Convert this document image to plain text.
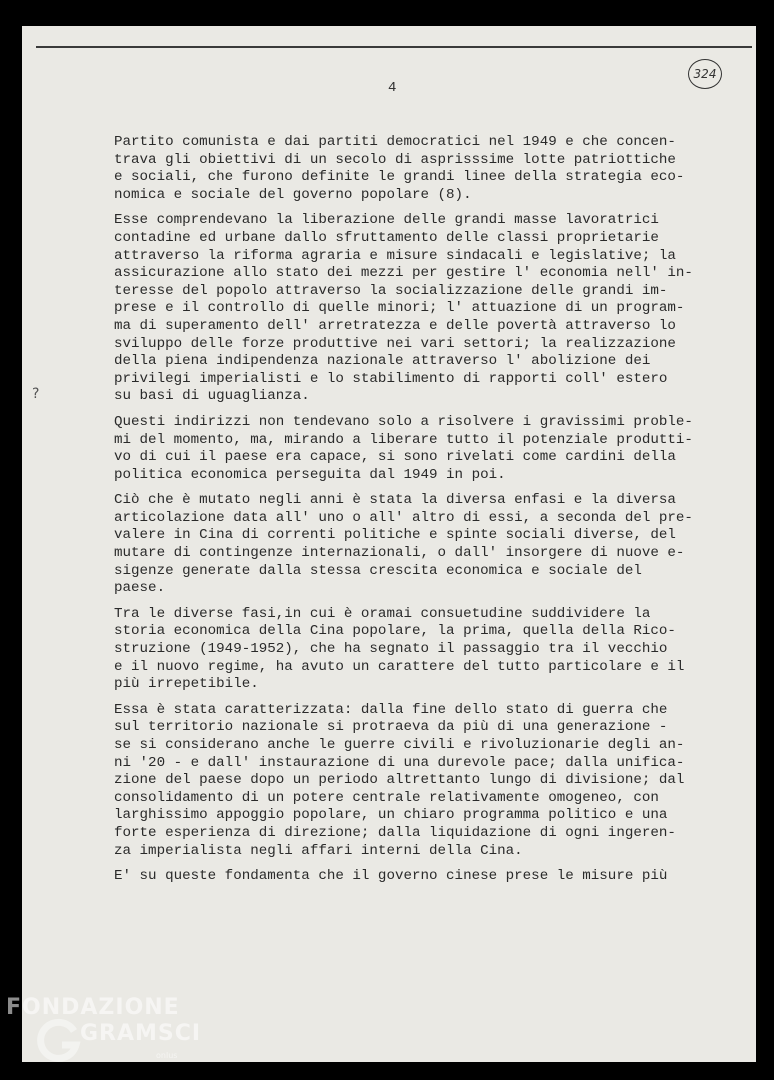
4
324
?
Partito comunista e dai partiti democratici nel 1949 e che concen-
trava gli obiettivi di un secolo di asprisssime lotte patriottiche
e sociali, che furono definite le grandi linee della strategia eco-
nomica e sociale del governo popolare (8).
Esse comprendevano la liberazione delle grandi masse lavoratrici
contadine ed urbane dallo sfruttamento delle classi proprietarie
attraverso la riforma agraria e misure sindacali e legislative; la
assicurazione allo stato dei mezzi per gestire l' economia nell' in-
teresse del popolo attraverso la socializzazione delle grandi im-
prese e il controllo di quelle minori; l' attuazione di un program-
ma di superamento dell' arretratezza e delle povertà attraverso lo
sviluppo delle forze produttive nei vari settori; la realizzazione
della piena indipendenza nazionale attraverso l' abolizione dei
privilegi imperialisti e lo stabilimento di rapporti coll' estero
su basi di uguaglianza.
Questi indirizzi non tendevano solo a risolvere i gravissimi proble-
mi del momento, ma, mirando a liberare tutto il potenziale produtti-
vo di cui il paese era capace, si sono rivelati come cardini della
politica economica perseguita dal 1949 in poi.
Ciò che è mutato negli anni è stata la diversa enfasi e la diversa
articolazione data all' uno o all' altro di essi, a seconda del pre-
valere in Cina di correnti politiche e spinte sociali diverse, del
mutare di contingenze internazionali, o dall' insorgere di nuove e-
sigenze generate dalla stessa crescita economica e sociale del
paese.
Tra le diverse fasi,in cui è oramai consuetudine suddividere la
storia economica della Cina popolare, la prima, quella della Rico-
struzione (1949-1952), che ha segnato il passaggio tra il vecchio
e il nuovo regime, ha avuto un carattere del tutto particolare e il
più irrepetibile.
Essa è stata caratterizzata: dalla fine dello stato di guerra che
sul territorio nazionale si protraeva da più di una generazione -
se si considerano anche le guerre civili e rivoluzionarie degli an-
ni '20 - e dall' instaurazione di una durevole pace; dalla unifica-
zione del paese dopo un periodo altrettanto lungo di divisione; dal
consolidamento di un potere centrale relativamente omogeneo, con
larghissimo appoggio popolare, un chiaro programma politico e una
forte esperienza di direzione; dalla liquidazione di ogni ingeren-
za imperialista negli affari interni della Cina.
E' su queste fondamenta che il governo cinese prese le misure più
FONDAZIONE
GRAMSCI
onlus
